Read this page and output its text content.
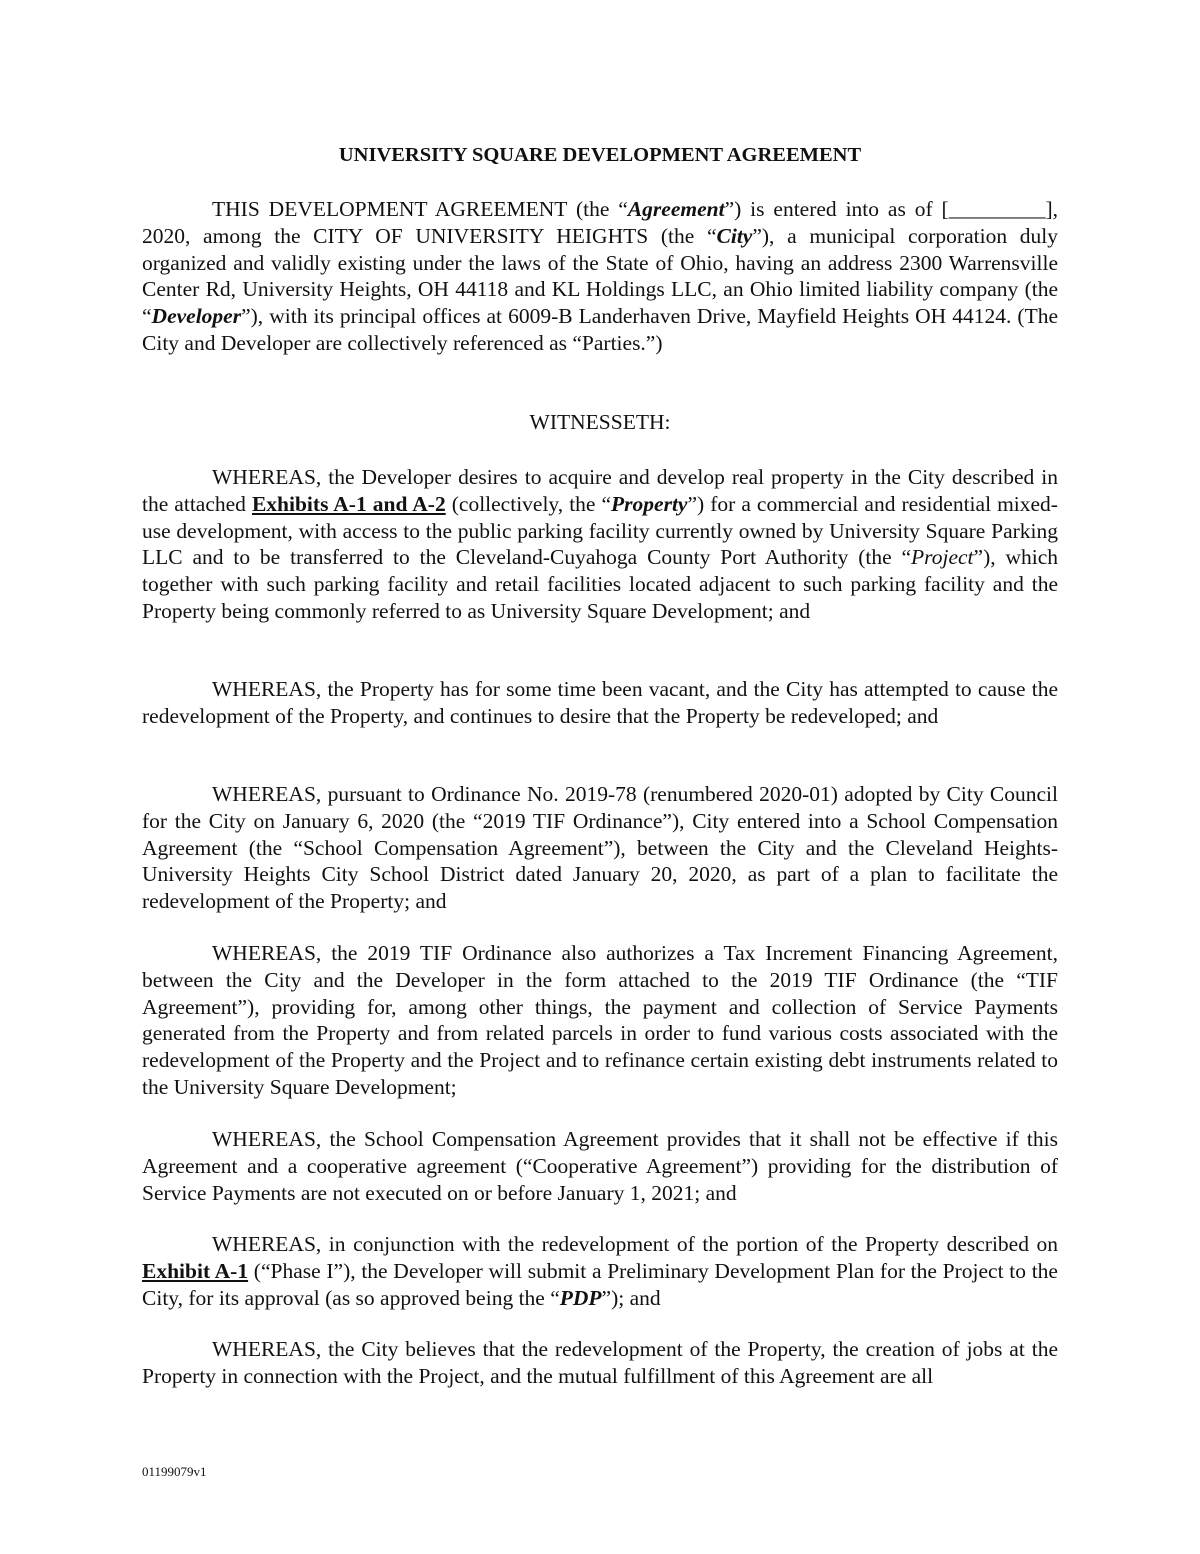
UNIVERSITY SQUARE DEVELOPMENT AGREEMENT

THIS DEVELOPMENT AGREEMENT (the “Agreement”) is entered into as of [_________], 2020, among the CITY OF UNIVERSITY HEIGHTS (the “City”), a municipal corporation duly organized and validly existing under the laws of the State of Ohio, having an address 2300 Warrensville Center Rd, University Heights, OH 44118 and KL Holdings LLC, an Ohio limited liability company (the “Developer”), with its principal offices at 6009-B Landerhaven Drive, Mayfield Heights OH 44124. (The City and Developer are collectively referenced as “Parties.”)

WITNESSETH:

WHEREAS, the Developer desires to acquire and develop real property in the City described in the attached Exhibits A-1 and A-2 (collectively, the “Property”) for a commercial and residential mixed-use development, with access to the public parking facility currently owned by University Square Parking LLC and to be transferred to the Cleveland-Cuyahoga County Port Authority (the “Project”), which together with such parking facility and retail facilities located adjacent to such parking facility and the Property being commonly referred to as University Square Development; and

WHEREAS, the Property has for some time been vacant, and the City has attempted to cause the redevelopment of the Property, and continues to desire that the Property be redeveloped; and

WHEREAS, pursuant to Ordinance No. 2019-78 (renumbered 2020-01) adopted by City Council for the City on January 6, 2020 (the “2019 TIF Ordinance”), City entered into a School Compensation Agreement (the “School Compensation Agreement”), between the City and the Cleveland Heights-University Heights City School District dated January 20, 2020, as part of a plan to facilitate the redevelopment of the Property; and

WHEREAS, the 2019 TIF Ordinance also authorizes a Tax Increment Financing Agreement, between the City and the Developer in the form attached to the 2019 TIF Ordinance (the “TIF Agreement”), providing for, among other things, the payment and collection of Service Payments generated from the Property and from related parcels in order to fund various costs associated with the redevelopment of the Property and the Project and to refinance certain existing debt instruments related to the University Square Development;

WHEREAS, the School Compensation Agreement provides that it shall not be effective if this Agreement and a cooperative agreement (“Cooperative Agreement”) providing for the distribution of Service Payments are not executed on or before January 1, 2021; and

WHEREAS, in conjunction with the redevelopment of the portion of the Property described on Exhibit A-1 (“Phase I”), the Developer will submit a Preliminary Development Plan for the Project to the City, for its approval (as so approved being the “PDP”); and

WHEREAS, the City believes that the redevelopment of the Property, the creation of jobs at the Property in connection with the Project, and the mutual fulfillment of this Agreement are all

01199079v1
